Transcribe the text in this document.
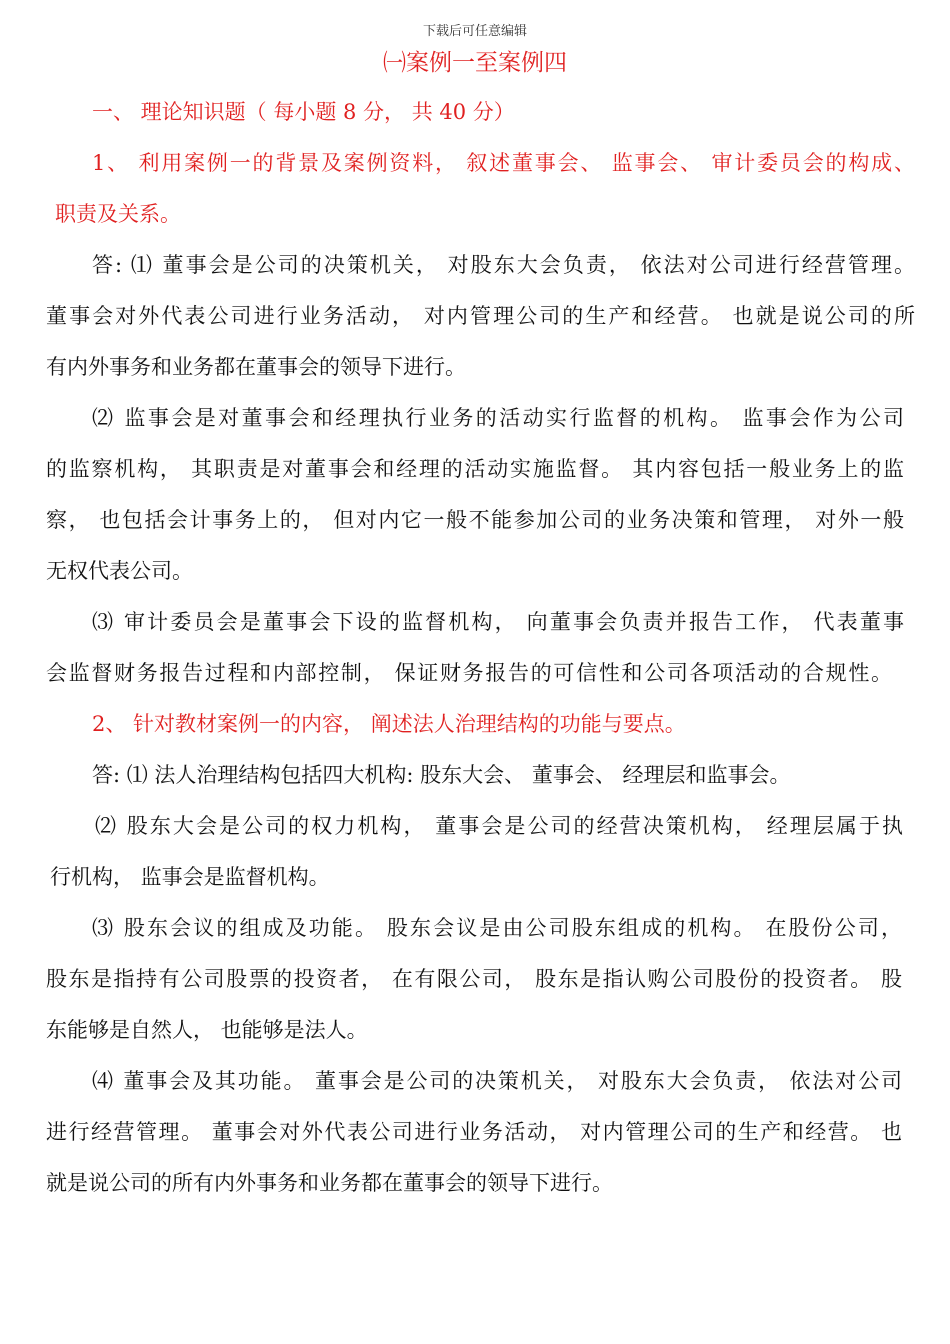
下载后可任意编辑
㈠案例一至案例四
一、 理论知识题（ 每小题 8 分， 共 40 分）
1、 利用案例一的背景及案例资料， 叙述董事会、 监事会、 审计委员会的构成、
职责及关系。
答: ⑴ 董事会是公司的决策机关， 对股东大会负责， 依法对公司进行经营管理。
董事会对外代表公司进行业务活动， 对内管理公司的生产和经营。 也就是说公司的所
有内外事务和业务都在董事会的领导下进行。
⑵ 监事会是对董事会和经理执行业务的活动实行监督的机构。 监事会作为公司
的监察机构， 其职责是对董事会和经理的活动实施监督。 其内容包括一般业务上的监
察， 也包括会计事务上的， 但对内它一般不能参加公司的业务决策和管理， 对外一般
无权代表公司。
⑶ 审计委员会是董事会下设的监督机构， 向董事会负责并报告工作， 代表董事
会监督财务报告过程和内部控制， 保证财务报告的可信性和公司各项活动的合规性。
2、 针对教材案例一的内容， 阐述法人治理结构的功能与要点。
答: ⑴ 法人治理结构包括四大机构: 股东大会、 董事会、 经理层和监事会。
⑵ 股东大会是公司的权力机构， 董事会是公司的经营决策机构， 经理层属于执
行机构， 监事会是监督机构。
⑶ 股东会议的组成及功能。 股东会议是由公司股东组成的机构。 在股份公司，
股东是指持有公司股票的投资者， 在有限公司， 股东是指认购公司股份的投资者。 股
东能够是自然人， 也能够是法人。
⑷ 董事会及其功能。 董事会是公司的决策机关， 对股东大会负责， 依法对公司
进行经营管理。 董事会对外代表公司进行业务活动， 对内管理公司的生产和经营。 也
就是说公司的所有内外事务和业务都在董事会的领导下进行。
